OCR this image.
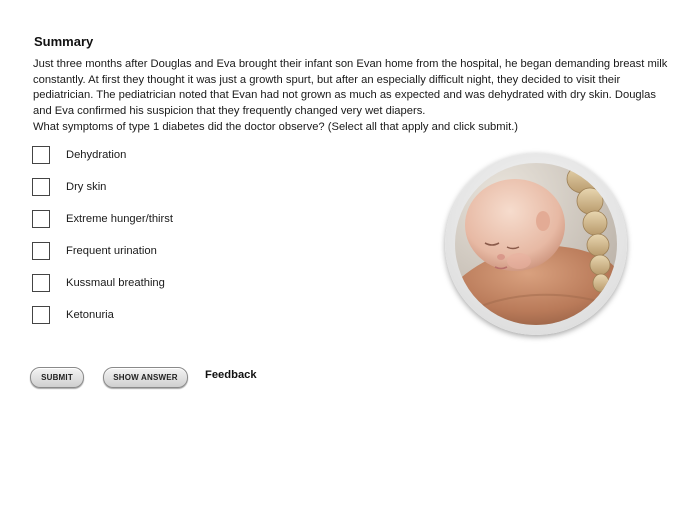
Summary
Just three months after Douglas and Eva brought their infant son Evan home from the hospital, he began demanding breast milk constantly. At first they thought it was just a growth spurt, but after an especially difficult night, they decided to visit their pediatrician. The pediatrician noted that Evan had not grown as much as expected and was dehydrated with dry skin. Douglas and Eva confirmed his suspicion that they frequently changed very wet diapers.
What symptoms of type 1 diabetes did the doctor observe? (Select all that apply and click submit.)
Dehydration
Dry skin
Extreme hunger/thirst
Frequent urination
Kussmaul breathing
Ketonuria
SUBMIT	SHOW ANSWER	Feedback
